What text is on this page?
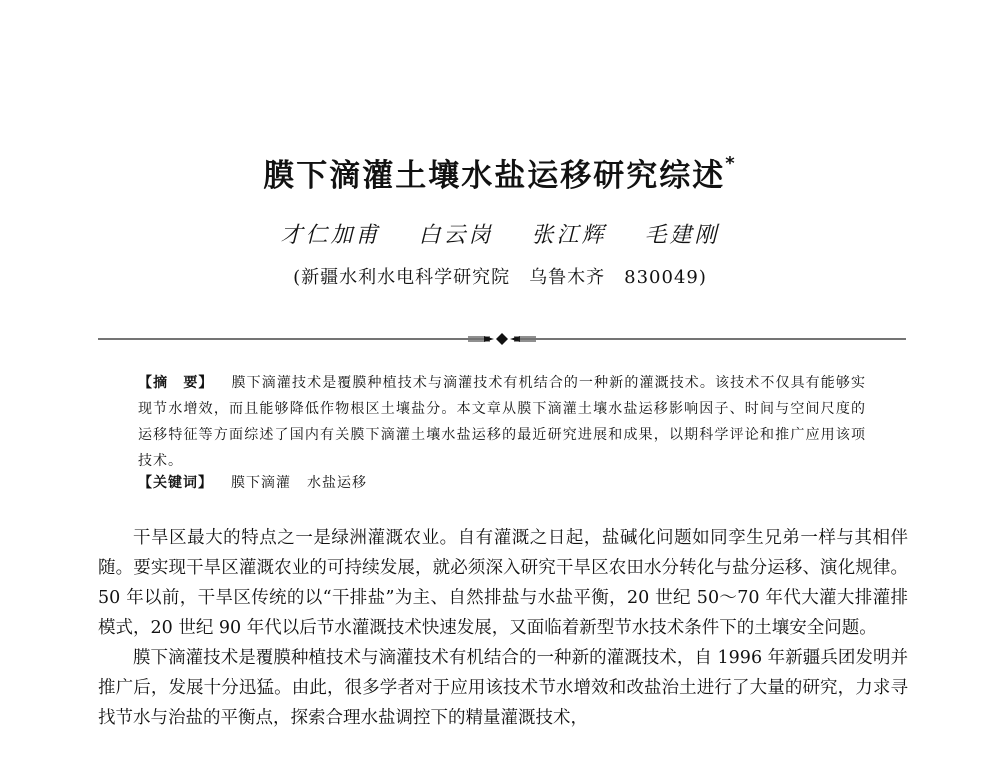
膜下滴灌土壤水盐运移研究综述*
才仁加甫 白云岗 张江辉 毛建刚
(新疆水利水电科学研究院　乌鲁木齐　830049)
【摘　要】 膜下滴灌技术是覆膜种植技术与滴灌技术有机结合的一种新的灌溉技术。该技术不仅具有能够实现节水增效，而且能够降低作物根区土壤盐分。本文章从膜下滴灌土壤水盐运移影响因子、时间与空间尺度的运移特征等方面综述了国内有关膜下滴灌土壤水盐运移的最近研究进展和成果，以期科学评论和推广应用该项技术。
【关键词】 膜下滴灌 水盐运移

干旱区最大的特点之一是绿洲灌溉农业。自有灌溉之日起，盐碱化问题如同孪生兄弟一样与其相伴随。要实现干旱区灌溉农业的可持续发展，就必须深入研究干旱区农田水分转化与盐分运移、演化规律。50 年以前，干旱区传统的以“干排盐”为主、自然排盐与水盐平衡，20 世纪 50～70 年代大灌大排灌排模式，20 世纪 90 年代以后节水灌溉技术快速发展，又面临着新型节水技术条件下的土壤安全问题。

膜下滴灌技术是覆膜种植技术与滴灌技术有机结合的一种新的灌溉技术，自 1996 年新疆兵团发明并推广后，发展十分迅猛。由此，很多学者对于应用该技术节水增效和改盐治土进行了大量的研究，力求寻找节水与治盐的平衡点，探索合理水盐调控下的精量灌溉技术，
